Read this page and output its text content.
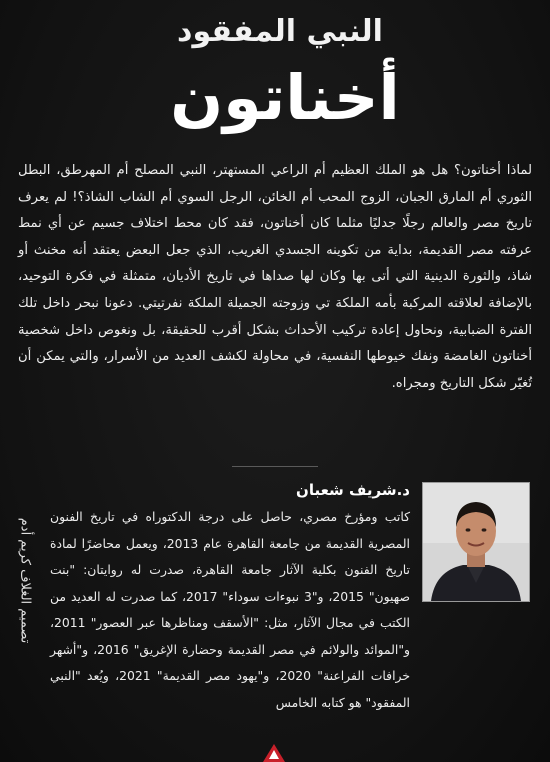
النبي المفقود
أخناتون

لماذا أخناتون؟ هل هو الملك العظيم أم الراعي المستهتر، النبي المصلح أم المهرطق، البطل الثوري أم المارق الجبان، الزوج المحب أم الخائن، الرجل السوي أم الشاب الشاذ؟! لم يعرف تاريخ مصر والعالم رجلًا جدليًا مثلما كان أخناتون، فقد كان محط اختلاف جسيم عن أي نمط عرفته مصر القديمة، بداية من تكوينه الجسدي الغريب، الذي جعل البعض يعتقد أنه مخنث أو شاذ، والثورة الدينية التي أتى بها وكان لها صداها في تاريخ الأديان، متمثلة في فكرة التوحيد، بالإضافة لعلاقته المركبة بأمه الملكة تي وزوجته الجميلة الملكة نفرتيتي. دعونا نبحر داخل تلك الفترة الضبابية، ونحاول إعادة تركيب الأحداث بشكل أقرب للحقيقة، بل ونغوص داخل شخصية أخناتون الغامضة ونفك خيوطها النفسية، في محاولة لكشف العديد من الأسرار، والتي يمكن أن تُغيّر شكل التاريخ ومجراه.

تصميم الغلاف كريم أدم
د.شريف شعبان

كاتب ومؤرخ مصري، حاصل على درجة الدكتوراه في تاريخ الفنون المصرية القديمة من جامعة القاهرة عام 2013، ويعمل محاضرًا لمادة تاريخ الفنون بكلية الآثار جامعة القاهرة، صدرت له روايتان: "بنت صهيون" 2015، و"3 نبوءات سوداء" 2017، كما صدرت له العديد من الكتب في مجال الآثار، مثل: "الأسقف ومناظرها عبر العصور" 2011، و"الموائد والولائم في مصر القديمة وحضارة الإغريق" 2016، و"أشهر خرافات الفراعنة" 2020، و"يهود مصر القديمة" 2021، ويُعد "النبي المفقود" هو كتابه الخامس
